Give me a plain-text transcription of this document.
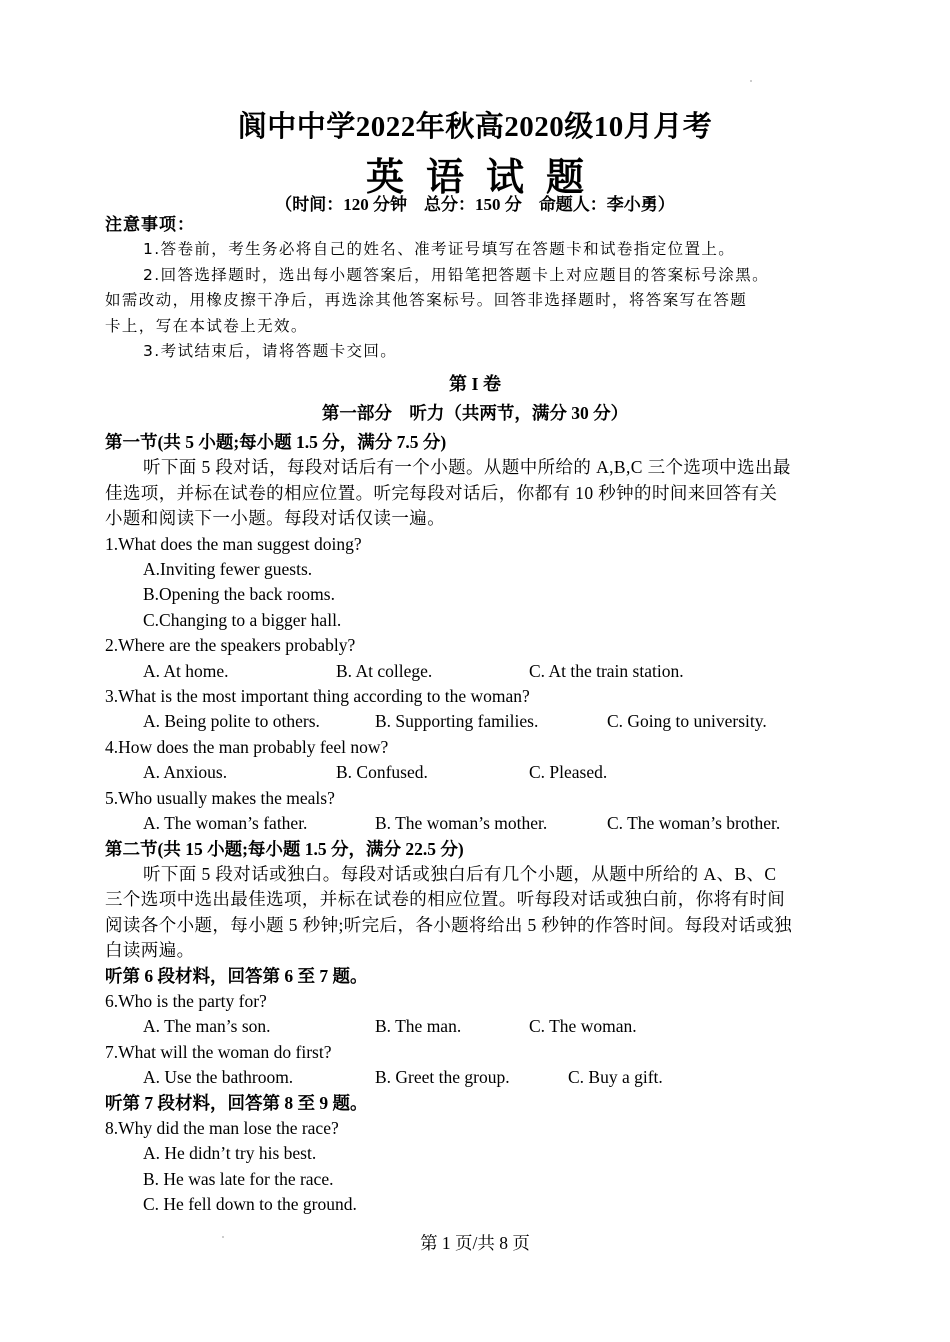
阆中中学2022年秋高2020级10月月考
英语试题
（时间：120 分钟    总分：150 分    命题人：李小勇）
注意事项：
1.答卷前，考生务必将自己的姓名、准考证号填写在答题卡和试卷指定位置上。
2.回答选择题时，选出每小题答案后，用铅笔把答题卡上对应题目的答案标号涂黑。
如需改动，用橡皮擦干净后，再选涂其他答案标号。回答非选择题时，将答案写在答题
卡上，写在本试卷上无效。
3.考试结束后，请将答题卡交回。
第 I 卷
第一部分    听力（共两节，满分 30 分）
第一节(共 5 小题;每小题 1.5 分，满分 7.5 分)
听下面 5 段对话，每段对话后有一个小题。从题中所给的 A,B,C 三个选项中选出最
佳选项，并标在试卷的相应位置。听完每段对话后，你都有 10 秒钟的时间来回答有关
小题和阅读下一小题。每段对话仅读一遍。
1.What does the man suggest doing?
A.Inviting fewer guests.
B.Opening the back rooms.
C.Changing to a bigger hall.
2.Where are the speakers probably?
A. At home.	B. At college.	C. At the train station.
3.What is the most important thing according to the woman?
A. Being polite to others.	B. Supporting families.	C. Going to university.
4.How does the man probably feel now?
A. Anxious.	B. Confused.	C. Pleased.
5.Who usually makes the meals?
A. The woman’s father.	B. The woman’s mother.	C. The woman’s brother.
第二节(共 15 小题;每小题 1.5 分，满分 22.5 分)
听下面 5 段对话或独白。每段对话或独白后有几个小题，从题中所给的 A、B、C
三个选项中选出最佳选项，并标在试卷的相应位置。听每段对话或独白前，你将有时间
阅读各个小题，每小题 5 秒钟;听完后，各小题将给出 5 秒钟的作答时间。每段对话或独
白读两遍。
听第 6 段材料，回答第 6 至 7 题。
6.Who is the party for?
A. The man’s son.	B. The man.	C. The woman.
7.What will the woman do first?
A. Use the bathroom.	B. Greet the group.	C. Buy a gift.
听第 7 段材料，回答第 8 至 9 题。
8.Why did the man lose the race?
A. He didn’t try his best.
B. He was late for the race.
C. He fell down to the ground.
第 1 页/共 8 页
